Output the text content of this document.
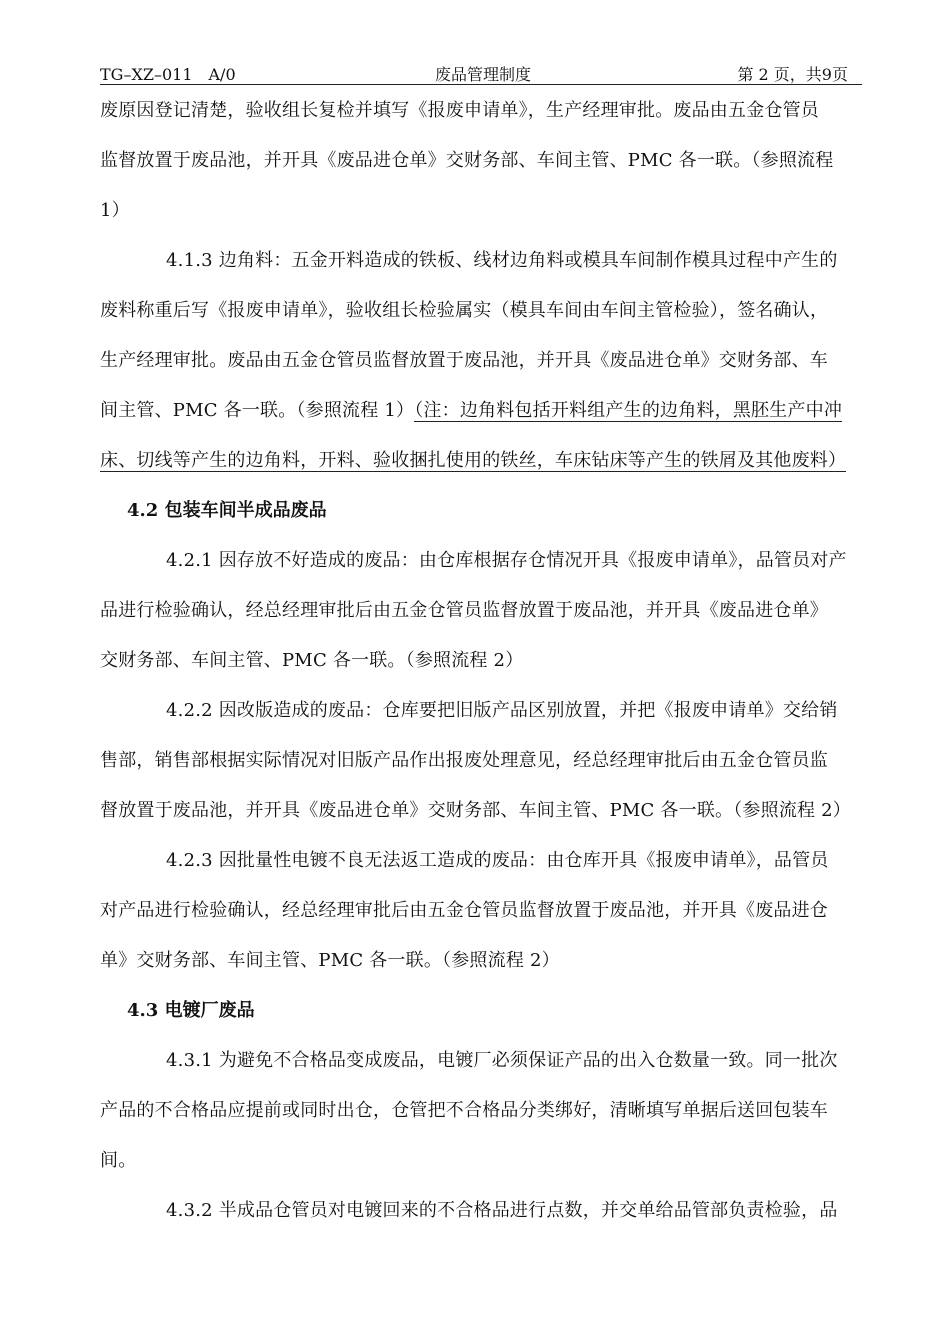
TG–XZ–011　A/0	废品管理制度	第 2 页，共9页
废原因登记清楚，验收组长复检并填写《报废申请单》，生产经理审批。废品由五金仓管员
监督放置于废品池，并开具《废品进仓单》交财务部、车间主管、PMC 各一联。（参照流程
1）
4.1.3 边角料：五金开料造成的铁板、线材边角料或模具车间制作模具过程中产生的
废料称重后写《报废申请单》，验收组长检验属实（模具车间由车间主管检验），签名确认，
生产经理审批。废品由五金仓管员监督放置于废品池，并开具《废品进仓单》交财务部、车
间主管、PMC 各一联。（参照流程 1）（注：边角料包括开料组产生的边角料，黑胚生产中冲
床、切线等产生的边角料，开料、验收捆扎使用的铁丝，车床钻床等产生的铁屑及其他废料）
4.2 包装车间半成品废品
4.2.1 因存放不好造成的废品：由仓库根据存仓情况开具《报废申请单》，品管员对产
品进行检验确认，经总经理审批后由五金仓管员监督放置于废品池，并开具《废品进仓单》
交财务部、车间主管、PMC 各一联。（参照流程 2）
4.2.2 因改版造成的废品：仓库要把旧版产品区别放置，并把《报废申请单》交给销
售部，销售部根据实际情况对旧版产品作出报废处理意见，经总经理审批后由五金仓管员监
督放置于废品池，并开具《废品进仓单》交财务部、车间主管、PMC 各一联。（参照流程 2）
4.2.3 因批量性电镀不良无法返工造成的废品：由仓库开具《报废申请单》，品管员
对产品进行检验确认，经总经理审批后由五金仓管员监督放置于废品池，并开具《废品进仓
单》交财务部、车间主管、PMC 各一联。（参照流程 2）
4.3 电镀厂废品
4.3.1 为避免不合格品变成废品，电镀厂必须保证产品的出入仓数量一致。同一批次
产品的不合格品应提前或同时出仓，仓管把不合格品分类绑好，清晰填写单据后送回包装车
间。
4.3.2 半成品仓管员对电镀回来的不合格品进行点数，并交单给品管部负责检验，品
